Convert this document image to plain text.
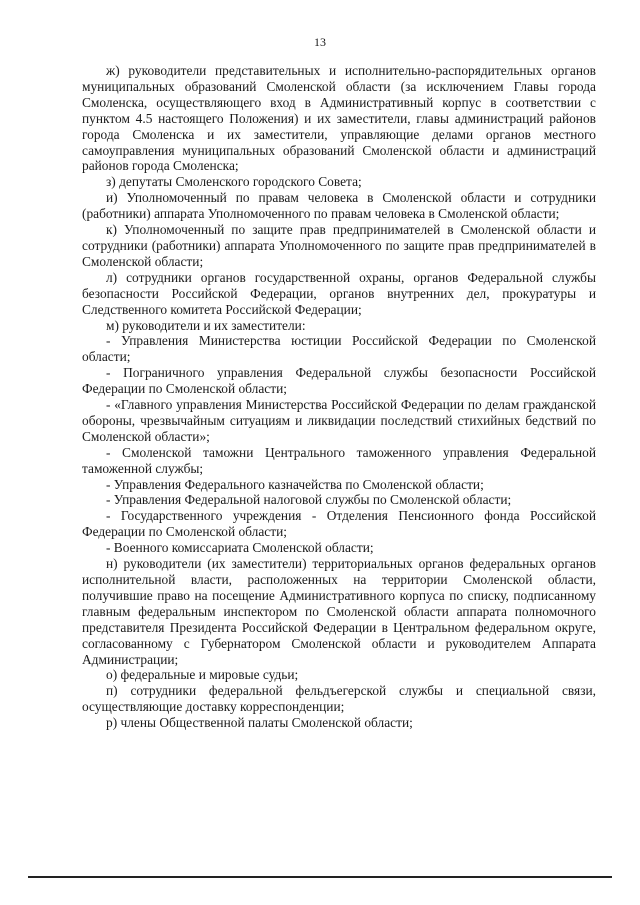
13

ж) руководители представительных и исполнительно-распорядительных органов муниципальных образований Смоленской области (за исключением Главы города Смоленска, осуществляющего вход в Административный корпус в соответствии с пунктом 4.5 настоящего Положения) и их заместители, главы администраций районов города Смоленска и их заместители, управляющие делами органов местного самоуправления муниципальных образований Смоленской области и администраций районов города Смоленска;

з) депутаты Смоленского городского Совета;

и) Уполномоченный по правам человека в Смоленской области и сотрудники (работники) аппарата Уполномоченного по правам человека в Смоленской области;

к) Уполномоченный по защите прав предпринимателей в Смоленской области и сотрудники (работники) аппарата Уполномоченного по защите прав предпринимателей в Смоленской области;

л) сотрудники органов государственной охраны, органов Федеральной службы безопасности Российской Федерации, органов внутренних дел, прокуратуры и Следственного комитета Российской Федерации;

м) руководители и их заместители:

- Управления Министерства юстиции Российской Федерации по Смоленской области;

- Пограничного управления Федеральной службы безопасности Российской Федерации по Смоленской области;

- «Главного управления Министерства Российской Федерации по делам гражданской обороны, чрезвычайным ситуациям и ликвидации последствий стихийных бедствий по Смоленской области»;

- Смоленской таможни Центрального таможенного управления Федеральной таможенной службы;

- Управления Федерального казначейства по Смоленской области;

- Управления Федеральной налоговой службы по Смоленской области;

- Государственного учреждения - Отделения Пенсионного фонда Российской Федерации по Смоленской области;

- Военного комиссариата Смоленской области;

н) руководители (их заместители) территориальных органов федеральных органов исполнительной власти, расположенных на территории Смоленской области, получившие право на посещение Административного корпуса по списку, подписанному главным федеральным инспектором по Смоленской области аппарата полномочного представителя Президента Российской Федерации в Центральном федеральном округе, согласованному с Губернатором Смоленской области и руководителем Аппарата Администрации;

о) федеральные и мировые судьи;

п) сотрудники федеральной фельдъегерской службы и специальной связи, осуществляющие доставку корреспонденции;

р) члены Общественной палаты Смоленской области;
